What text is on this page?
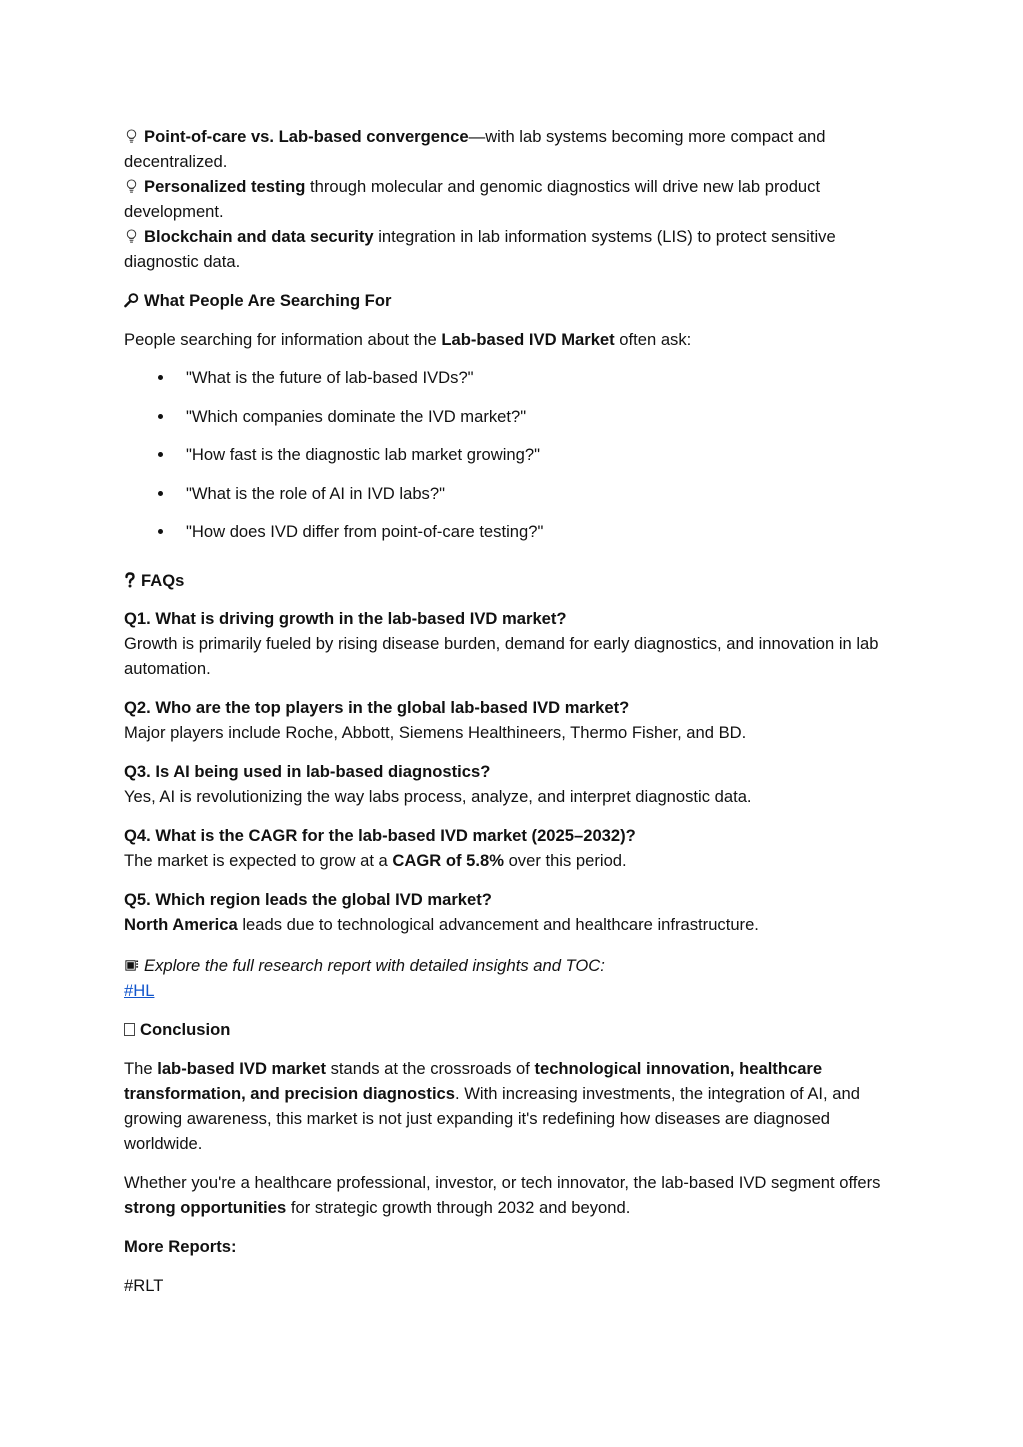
Point-of-care vs. Lab-based convergence—with lab systems becoming more compact and decentralized.

Personalized testing through molecular and genomic diagnostics will drive new lab product development.

Blockchain and data security integration in lab information systems (LIS) to protect sensitive diagnostic data.

What People Are Searching For

People searching for information about the Lab-based IVD Market often ask:

"What is the future of lab-based IVDs?"
"Which companies dominate the IVD market?"
"How fast is the diagnostic lab market growing?"
"What is the role of AI in IVD labs?"
"How does IVD differ from point-of-care testing?"

FAQs

Q1. What is driving growth in the lab-based IVD market?

Growth is primarily fueled by rising disease burden, demand for early diagnostics, and innovation in lab automation.

Q2. Who are the top players in the global lab-based IVD market?

Major players include Roche, Abbott, Siemens Healthineers, Thermo Fisher, and BD.

Q3. Is AI being used in lab-based diagnostics?

Yes, AI is revolutionizing the way labs process, analyze, and interpret diagnostic data.

Q4. What is the CAGR for the lab-based IVD market (2025–2032)?

The market is expected to grow at a CAGR of 5.8% over this period.

Q5. Which region leads the global IVD market?

North America leads due to technological advancement and healthcare infrastructure.

Explore the full research report with detailed insights and TOC:

#HL

Conclusion

The lab-based IVD market stands at the crossroads of technological innovation, healthcare transformation, and precision diagnostics. With increasing investments, the integration of AI, and growing awareness, this market is not just expanding it's redefining how diseases are diagnosed worldwide.

Whether you're a healthcare professional, investor, or tech innovator, the lab-based IVD segment offers strong opportunities for strategic growth through 2032 and beyond.

More Reports:

#RLT
